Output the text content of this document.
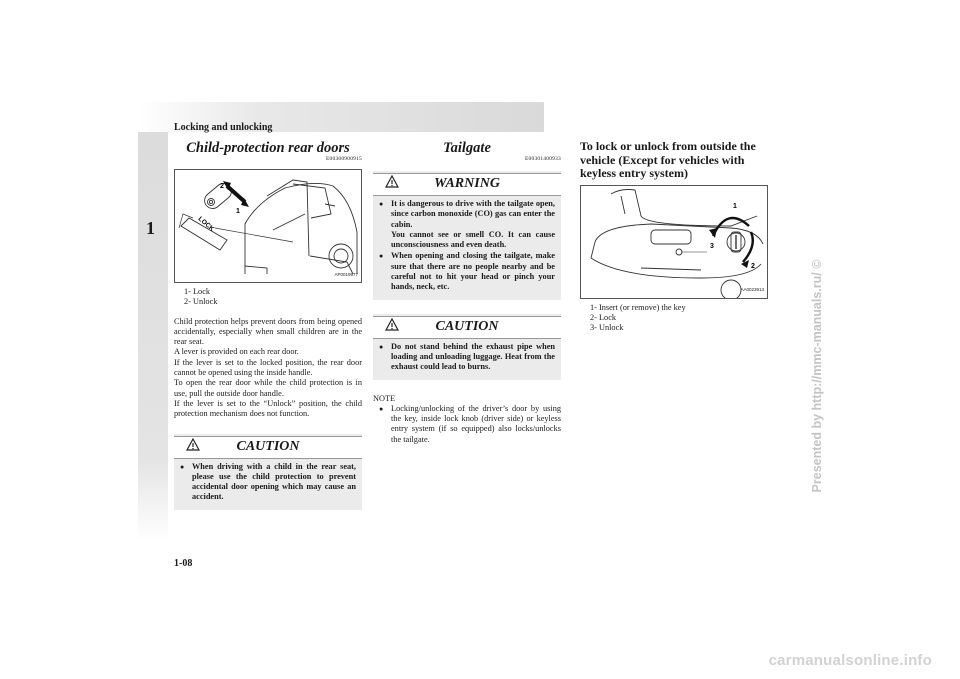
Locking and unlocking
1
1-08
Presented by http://mmc-manuals.ru/ ©
carmanualsonline.info
Child-protection rear doors
E00300900915
2
1
LOCK
AP0019577
1- Lock
2- Unlock

Child protection helps prevent doors from being opened accidentally, especially when small children are in the rear seat.

A lever is provided on each rear door.

If the lever is set to the locked position, the rear door cannot be opened using the inside handle.

To open the rear door while the child protection is in use, pull the outside door handle.

If the lever is set to the “Unlock” position, the child protection mechanism does not function.

CAUTION
● When driving with a child in the rear seat, please use the child protection to prevent accidental door opening which may cause an accident.
Tailgate
E00301400933
WARNING
● It is dangerous to drive with the tailgate open, since carbon monoxide (CO) gas can enter the cabin.
You cannot see or smell CO. It can cause unconsciousness and even death.
● When opening and closing the tailgate, make sure that there are no people nearby and be careful not to hit your head or pinch your hands, neck, etc.
CAUTION
● Do not stand behind the exhaust pipe when loading and unloading luggage. Heat from the exhaust could lead to burns.
NOTE
● Locking/unlocking of the driver’s door by using the key, inside lock knob (driver side) or keyless entry system (if so equipped) also locks/unlocks the tailgate.
To lock or unlock from outside the vehicle (Except for vehicles with keyless entry system)
1
2
3
AA0023913
1- Insert (or remove) the key
2- Lock
3- Unlock
